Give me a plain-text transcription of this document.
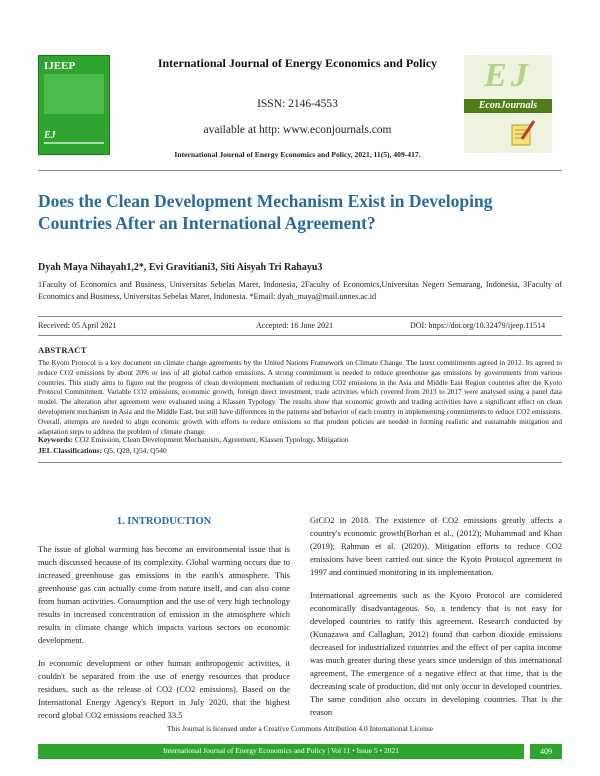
IJEEP
EJ
International Journal of Energy Economics and Policy
ISSN: 2146-4553
available at http: www.econjournals.com
International Journal of Energy Economics and Policy, 2021, 11(5), 409-417.
EJ
EconJournals
Does the Clean Development Mechanism Exist in Developing Countries After an International Agreement?
Dyah Maya Nihayah1,2*, Evi Gravitiani3, Siti Aisyah Tri Rahayu3
1Faculty of Economics and Business, Universitas Sebelas Maret, Indonesia, 2Faculty of Economics,Universitas Negeri Semarang, Indonesia, 3Faculty of Economics and Business, Universitas Sebelas Maret, Indonesia. *Email: dyah_maya@mail.unnes.ac.id
Received: 05 April 2021	Accepted: 16 June 2021	DOI: https://doi.org/10.32479/ijeep.11514
ABSTRACT
The Kyoto Protocol is a key document on climate change agreements by the United Nations Framework on Climate Change. The latest commitments agreed in 2012. Its agreed to reduce CO2 emissions by about 20% or less of all global carbon emissions. A strong commitment is needed to reduce greenhouse gas emissions by governments from various countries. This study aims to figure out the progress of clean development mechanism of reducing CO2 emissions in the Asia and Middle East Region countries after the Kyoto Protocol Commitment. Variable CO2 emissions, economic growth, foreign direct investment, trade activities which covered from 2013 to 2017 were analysed using a panel data model. The alteration after agreement were evaluated using a Klassen Typology. The results show that economic growth and trading activities have a significant effect on clean development mechanism in Asia and the Middle East, but still have differences in the patterns and behavior of each country in implementing commitments to reduce CO2 emissions. Overall, attempts are needed to align economic growth with efforts to reduce emissions so that prudent policies are needed in forming realistic and sustainable mitigation and adaptation steps to address the problem of climate change.
Keywords: CO2 Emission, Clean Development Mechanism, Agreement, Klassen Typology, Mitigation
JEL Classifications: Q5, Q28, Q54, Q540
1. INTRODUCTION

The issue of global warming has become an environmental issue that is much discussed because of its complexity. Global warming occurs due to increased greenhouse gas emissions in the earth's atmosphere. This greenhouse gas can actually come from nature itself, and can also come from human activities. Consumption and the use of very high technology results in increased concentration of emission in the atmosphere which results in climate change which impacts various sectors on economic development.

In economic development or other human anthropogenic activities, it couldn't be separated from the use of energy resources that produce residues, such as the release of CO2 (CO2 emissions). Based on the International Energy Agency's Report in July 2020, that the highest record global CO2 emissions reached 33.5

GtCO2 in 2018. The existence of CO2 emissions greatly affects a country's economic growth(Borhan et al., (2012); Muhammad and Khan (2019); Rahman et al. (2020)). Mitigation efforts to reduce CO2 emissions have been carried out since the Kyoto Protocol agreement in 1997 and continued monitoring in its implementation.

International agreements such as the Kyoto Protocol are considered economically disadvantageous. So, a tendency that is not easy for developed countries to ratify this agreement. Research conducted by (Kunazawa and Callaghan, 2012) found that carbon dioxide emissions decreased for industrialized countries and the effect of per capita income was much greater during these years since undersign of this international agreement. The emergence of a negative effect at that time, that is the decreasing scale of production, did not only occur in developed countries. The same condition also occurs in developing countries. That is the reason

This Journal is licensed under a Creative Commons Attribution 4.0 International License
International Journal of Energy Economics and Policy | Vol 11 • Issue 5 • 2021	409
